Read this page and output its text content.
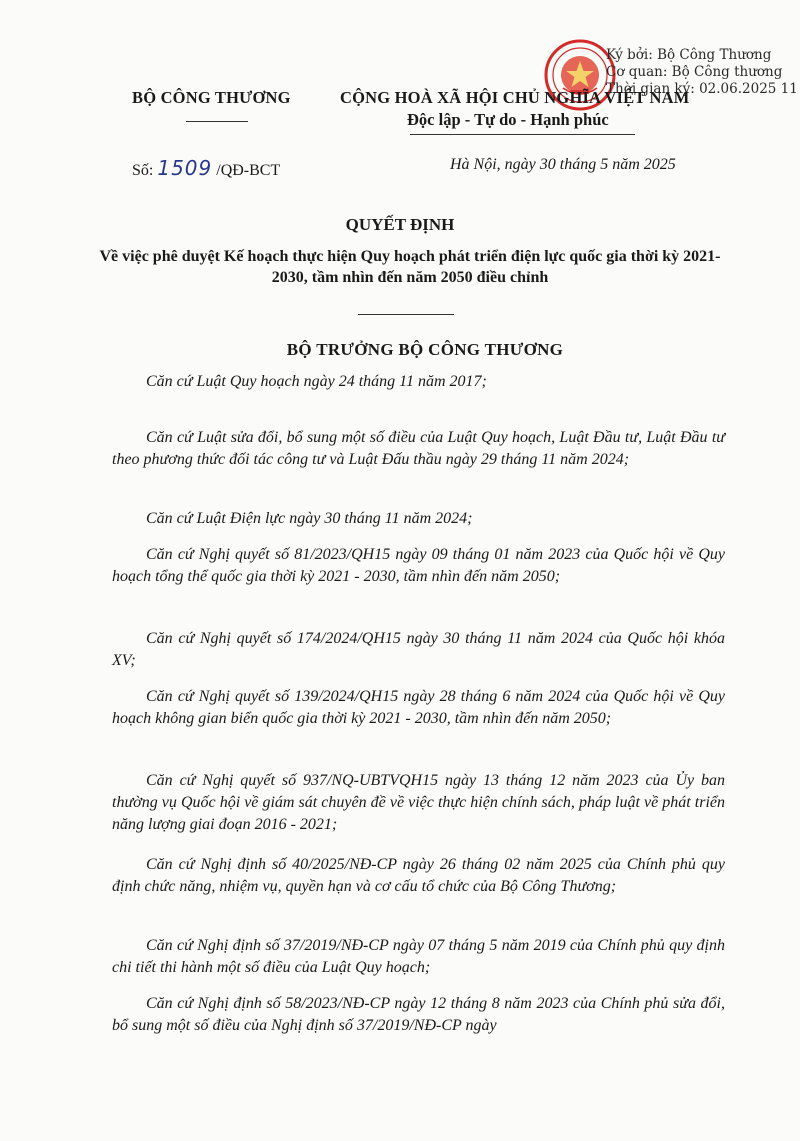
Ký bởi: Bộ Công Thương
Cơ quan: Bộ Công thương
Thời gian ký: 02.06.2025 11
BỘ CÔNG THƯƠNG	CỘNG HOÀ XÃ HỘI CHỦ NGHĨA VIỆT NAM
Độc lập - Tự do - Hạnh phúc
Số: 1509 /QĐ-BCT	Hà Nội, ngày 30 tháng 5 năm 2025
QUYẾT ĐỊNH
Về việc phê duyệt Kế hoạch thực hiện Quy hoạch phát triển điện lực quốc gia thời kỳ 2021-2030, tầm nhìn đến năm 2050 điều chỉnh
BỘ TRƯỞNG BỘ CÔNG THƯƠNG

Căn cứ Luật Quy hoạch ngày 24 tháng 11 năm 2017;

Căn cứ Luật sửa đổi, bổ sung một số điều của Luật Quy hoạch, Luật Đầu tư, Luật Đầu tư theo phương thức đối tác công tư và Luật Đấu thầu ngày 29 tháng 11 năm 2024;

Căn cứ Luật Điện lực ngày 30 tháng 11 năm 2024;

Căn cứ Nghị quyết số 81/2023/QH15 ngày 09 tháng 01 năm 2023 của Quốc hội về Quy hoạch tổng thể quốc gia thời kỳ 2021 - 2030, tầm nhìn đến năm 2050;

Căn cứ Nghị quyết số 174/2024/QH15 ngày 30 tháng 11 năm 2024 của Quốc hội khóa XV;

Căn cứ Nghị quyết số 139/2024/QH15 ngày 28 tháng 6 năm 2024 của Quốc hội về Quy hoạch không gian biển quốc gia thời kỳ 2021 - 2030, tầm nhìn đến năm 2050;

Căn cứ Nghị quyết số 937/NQ-UBTVQH15 ngày 13 tháng 12 năm 2023 của Ủy ban thường vụ Quốc hội về giám sát chuyên đề về việc thực hiện chính sách, pháp luật về phát triển năng lượng giai đoạn 2016 - 2021;

Căn cứ Nghị định số 40/2025/NĐ-CP ngày 26 tháng 02 năm 2025 của Chính phủ quy định chức năng, nhiệm vụ, quyền hạn và cơ cấu tổ chức của Bộ Công Thương;

Căn cứ Nghị định số 37/2019/NĐ-CP ngày 07 tháng 5 năm 2019 của Chính phủ quy định chi tiết thi hành một số điều của Luật Quy hoạch;

Căn cứ Nghị định số 58/2023/NĐ-CP ngày 12 tháng 8 năm 2023 của Chính phủ sửa đổi, bổ sung một số điều của Nghị định số 37/2019/NĐ-CP ngày
